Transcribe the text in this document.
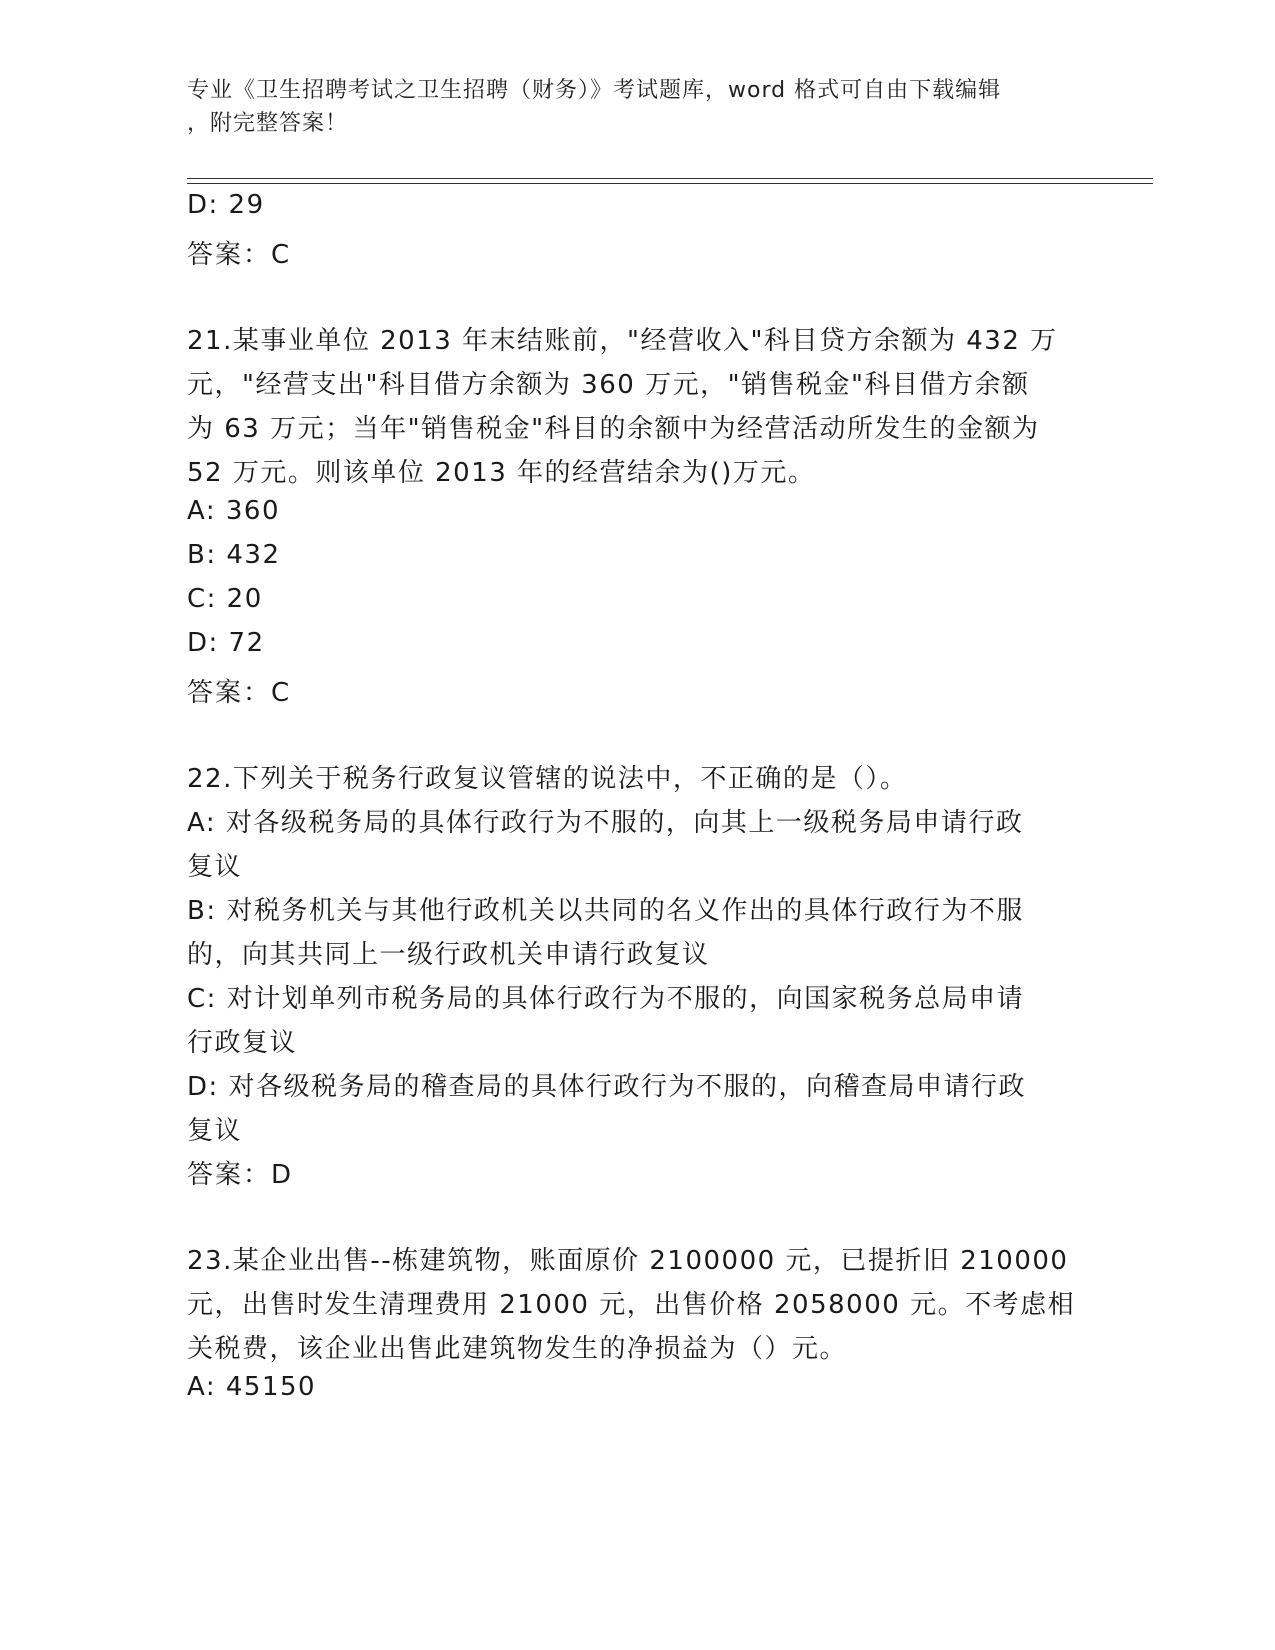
专业《卫生招聘考试之卫生招聘（财务）》考试题库，word 格式可自由下载编辑
，附完整答案！
D: 29
答案：C
21.某事业单位 2013 年末结账前，"经营收入"科目贷方余额为 432 万
元，"经营支出"科目借方余额为 360 万元，"销售税金"科目借方余额
为 63 万元；当年"销售税金"科目的余额中为经营活动所发生的金额为
52 万元。则该单位 2013 年的经营结余为()万元。
A: 360
B: 432
C: 20
D: 72
答案：C
22.下列关于税务行政复议管辖的说法中，不正确的是（）。
A: 对各级税务局的具体行政行为不服的，向其上一级税务局申请行政
复议
B: 对税务机关与其他行政机关以共同的名义作出的具体行政行为不服
的，向其共同上一级行政机关申请行政复议
C: 对计划单列市税务局的具体行政行为不服的，向国家税务总局申请
行政复议
D: 对各级税务局的稽查局的具体行政行为不服的，向稽查局申请行政
复议
答案：D
23.某企业出售--栋建筑物，账面原价 2100000 元，已提折旧 210000
元，出售时发生清理费用 21000 元，出售价格 2058000 元。不考虑相
关税费，该企业出售此建筑物发生的净损益为（）元。
A: 45150
